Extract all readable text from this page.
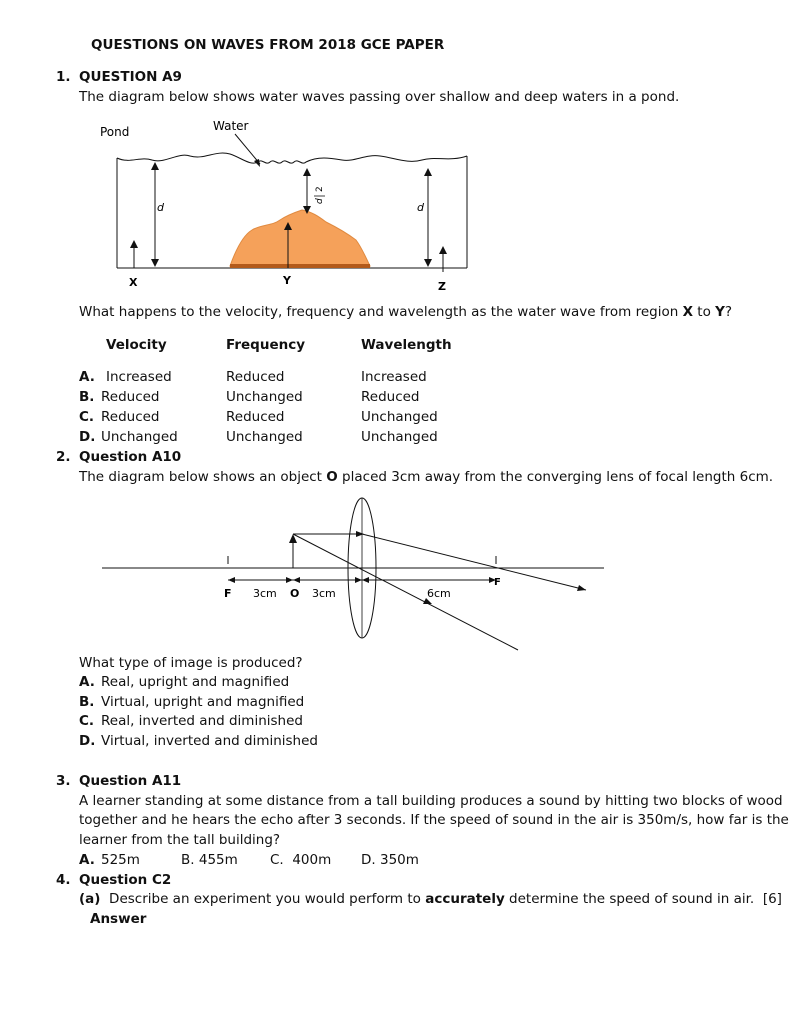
QUESTIONS ON WAVES FROM 2018 GCE PAPER
1. QUESTION A9
The diagram below shows water waves passing over shallow and deep waters in a pond.
Pond	Water
d	d
2
d
X	Y	Z
What happens to the velocity, frequency and wavelength as the water wave from region X to Y?
Velocity	Frequency	Wavelength
A. Increased	Reduced	Increased
B. Reduced	Unchanged	Reduced
C. Reduced	Reduced	Unchanged
D. Unchanged	Unchanged	Unchanged
2. Question A10
The diagram below shows an object O placed 3cm away from the converging lens of focal length 6cm.
F 3cm O 3cm	6cm
F
What type of image is produced?
A. Real, upright and magnified
B. Virtual, upright and magnified
C. Real, inverted and diminished
D. Virtual, inverted and diminished
3. Question A11
A learner standing at some distance from a tall building produces a sound by hitting two blocks of wood
together and he hears the echo after 3 seconds. If the speed of sound in the air is 350m/s, how far is the
learner from the tall building?
A. 525m	B. 455m C. 400m D. 350m
4. Question C2
(a) Describe an experiment you would perform to accurately determine the speed of sound in air. [6]
Answer
